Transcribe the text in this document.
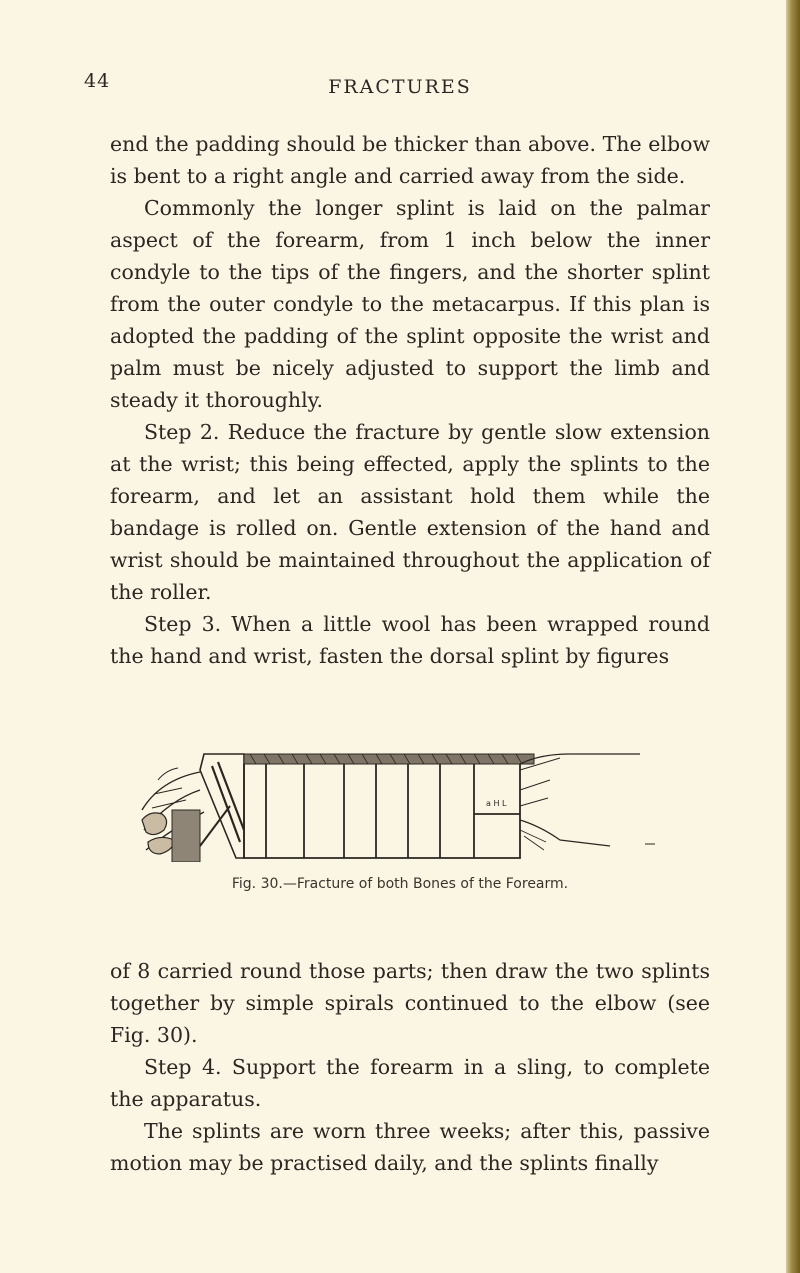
44	FRACTURES

end the padding should be thicker than above. The elbow is bent to a right angle and carried away from the side.

Commonly the longer splint is laid on the palmar aspect of the forearm, from 1 inch below the inner condyle to the tips of the fingers, and the shorter splint from the outer condyle to the metacarpus. If this plan is adopted the padding of the splint opposite the wrist and palm must be nicely adjusted to support the limb and steady it thoroughly.

Step 2. Reduce the fracture by gentle slow extension at the wrist; this being effected, apply the splints to the forearm, and let an assistant hold them while the bandage is rolled on. Gentle extension of the hand and wrist should be maintained throughout the application of the roller.

Step 3. When a little wool has been wrapped round the hand and wrist, fasten the dorsal splint by figures

a H L
Fig. 30.—Fracture of both Bones of the Forearm.

of 8 carried round those parts; then draw the two splints together by simple spirals continued to the elbow (see Fig. 30).

Step 4. Support the forearm in a sling, to complete the apparatus.

The splints are worn three weeks; after this, passive motion may be practised daily, and the splints finally
